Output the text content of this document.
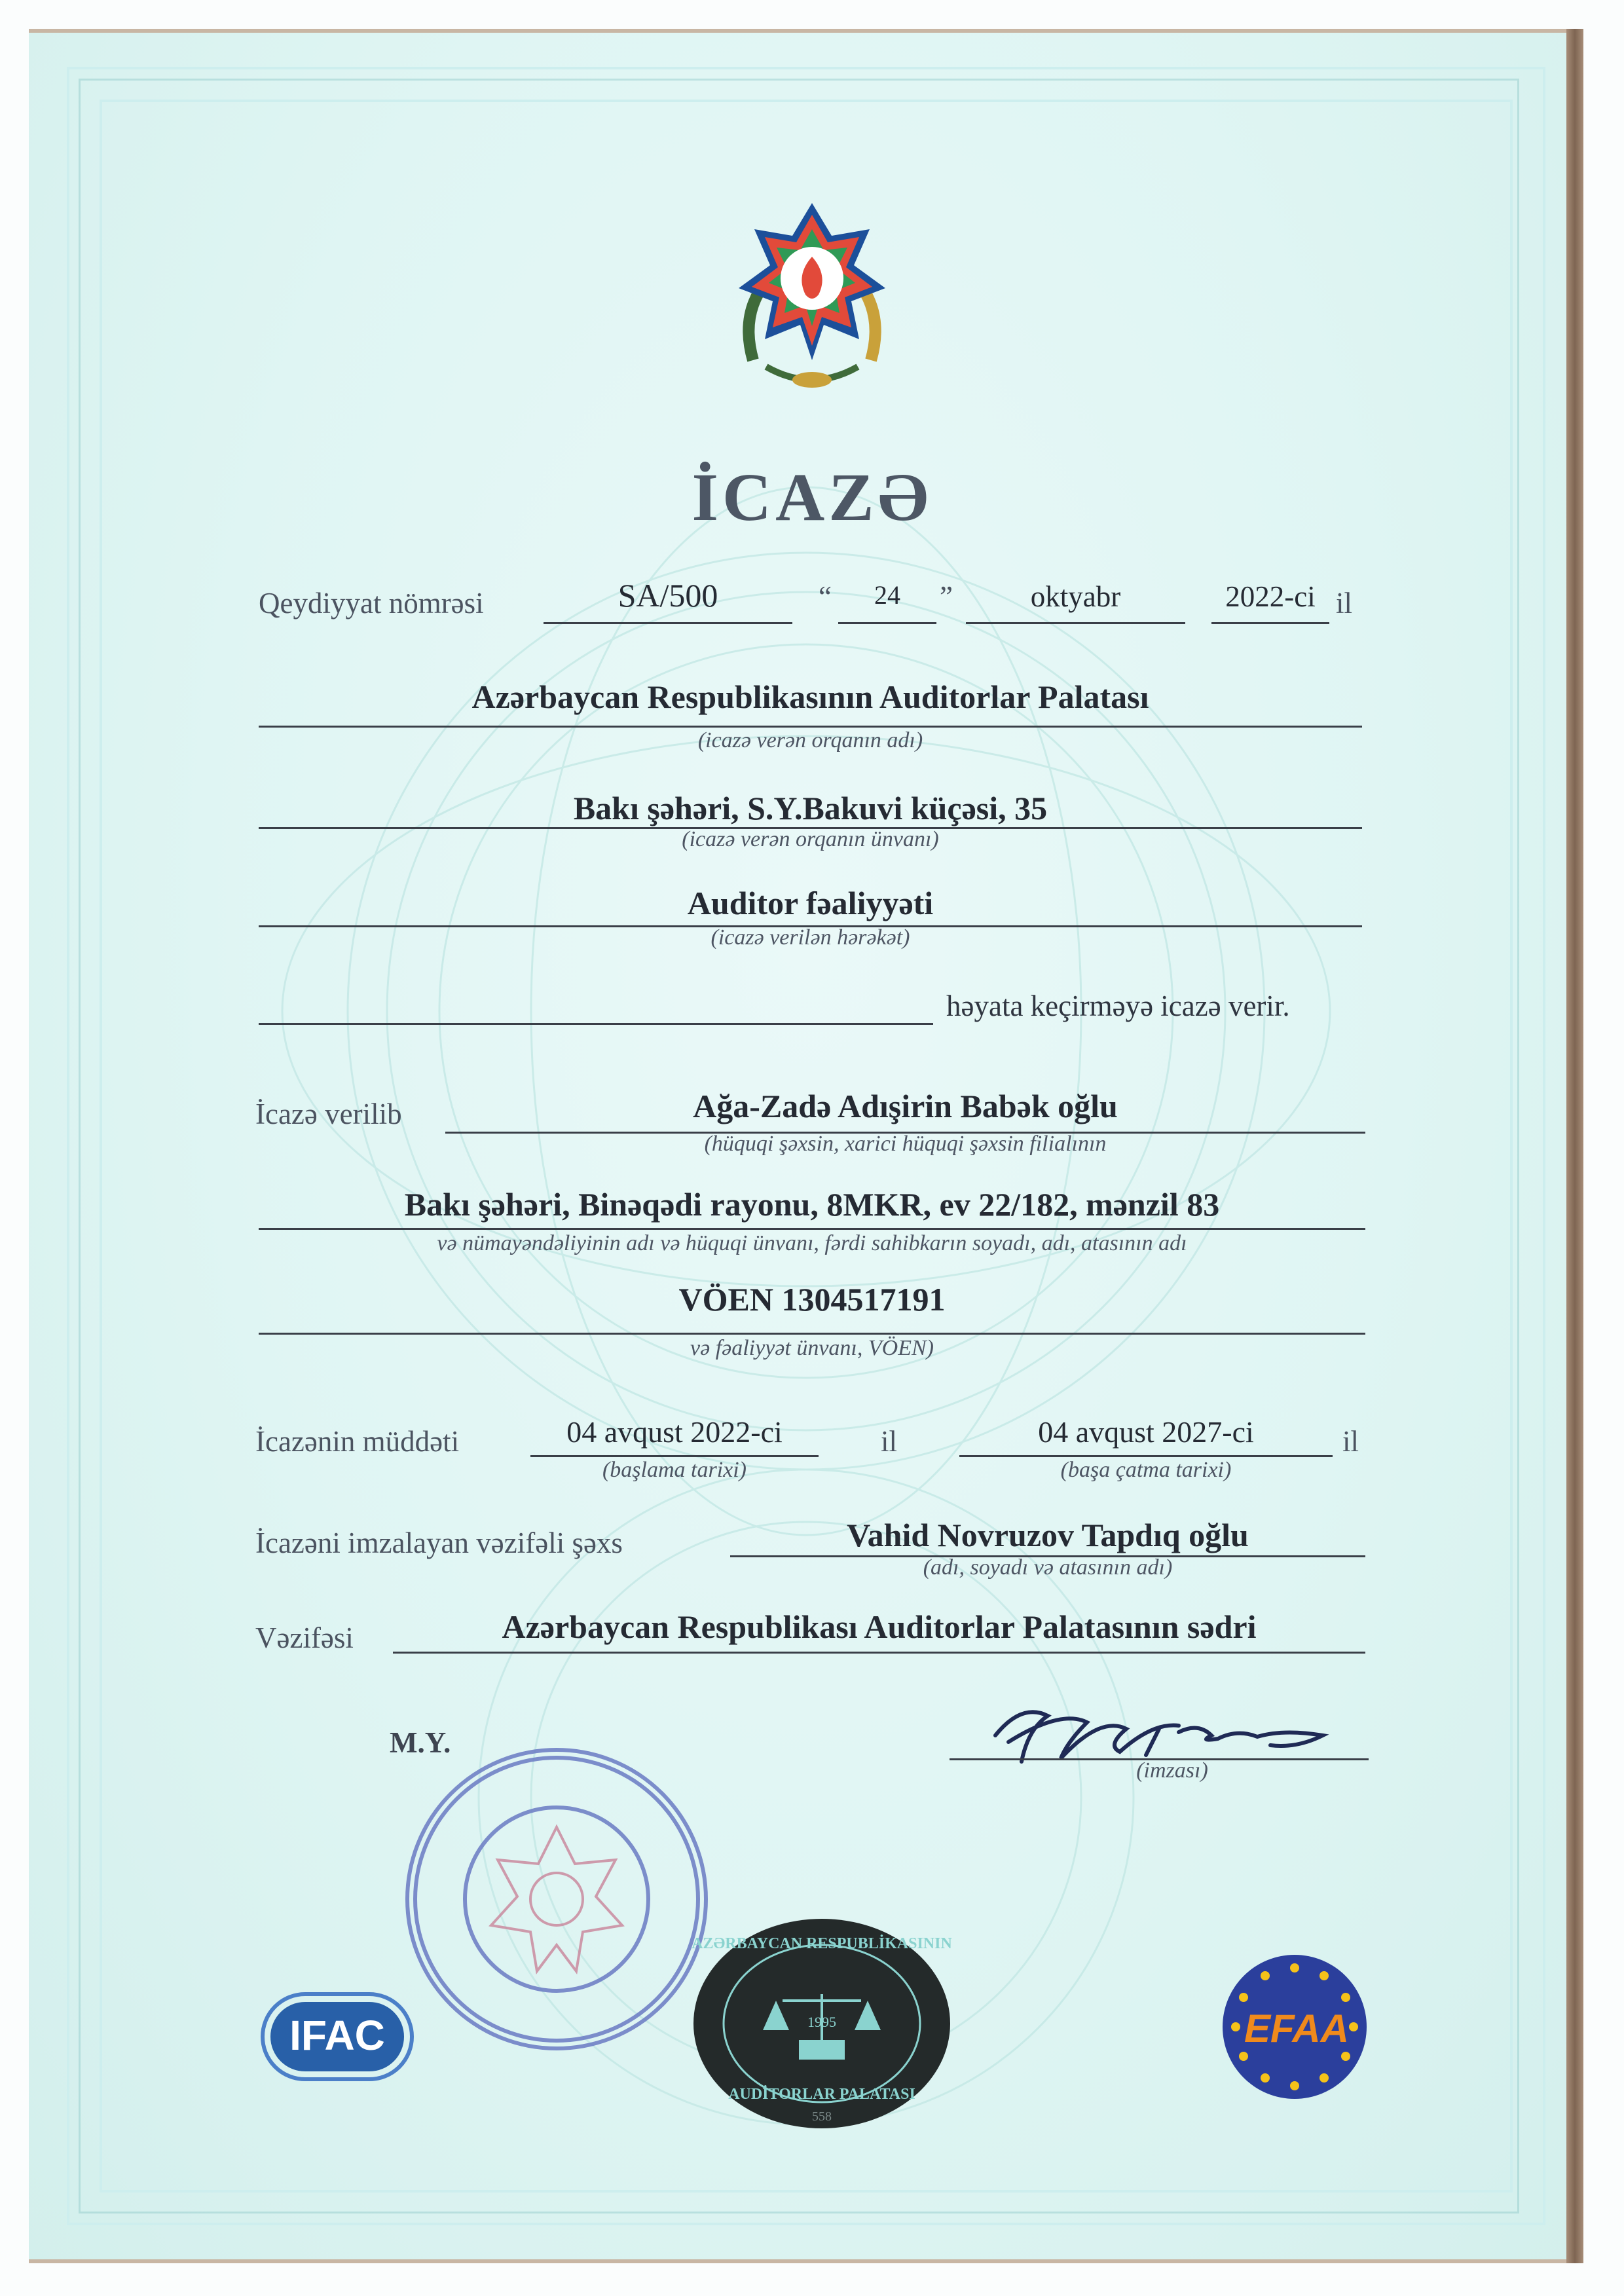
İCAZƏ
Qeydiyyat nömrəsi	SA/500	“	24	”	oktyabr	2022-ci il
Azərbaycan Respublikasının Auditorlar Palatası
(icazə verən orqanın adı)
Bakı şəhəri, S.Y.Bakuvi küçəsi, 35
(icazə verən orqanın ünvanı)
Auditor fəaliyyəti
(icazə verilən hərəkət)
həyata keçirməyə icazə verir.
İcazə verilib	Ağa-Zadə Adışirin Babək oğlu
(hüquqi şəxsin, xarici hüquqi şəxsin filialının
Bakı şəhəri, Binəqədi rayonu, 8MKR, ev 22/182, mənzil 83
və nümayəndəliyinin adı və hüquqi ünvanı, fərdi sahibkarın soyadı, adı, atasının adı
VÖEN 1304517191
və fəaliyyət ünvanı, VÖEN)
İcazənin müddəti	04 avqust 2022-ci
(başlama tarixi)
il	04 avqust 2027-ci
(başa çatma tarixi)
il
İcazəni imzalayan vəzifəli şəxs	Vahid Novruzov Tapdıq oğlu
(adı, soyadı və atasının adı)
Vəzifəsi	Azərbaycan Respublikası Auditorlar Palatasının sədri
M.Y.
(imzası)
IFAC
AZƏRBAYCAN RESPUBLİKASININ
1995
AUDİTORLAR PALATASI
558
EFAA
